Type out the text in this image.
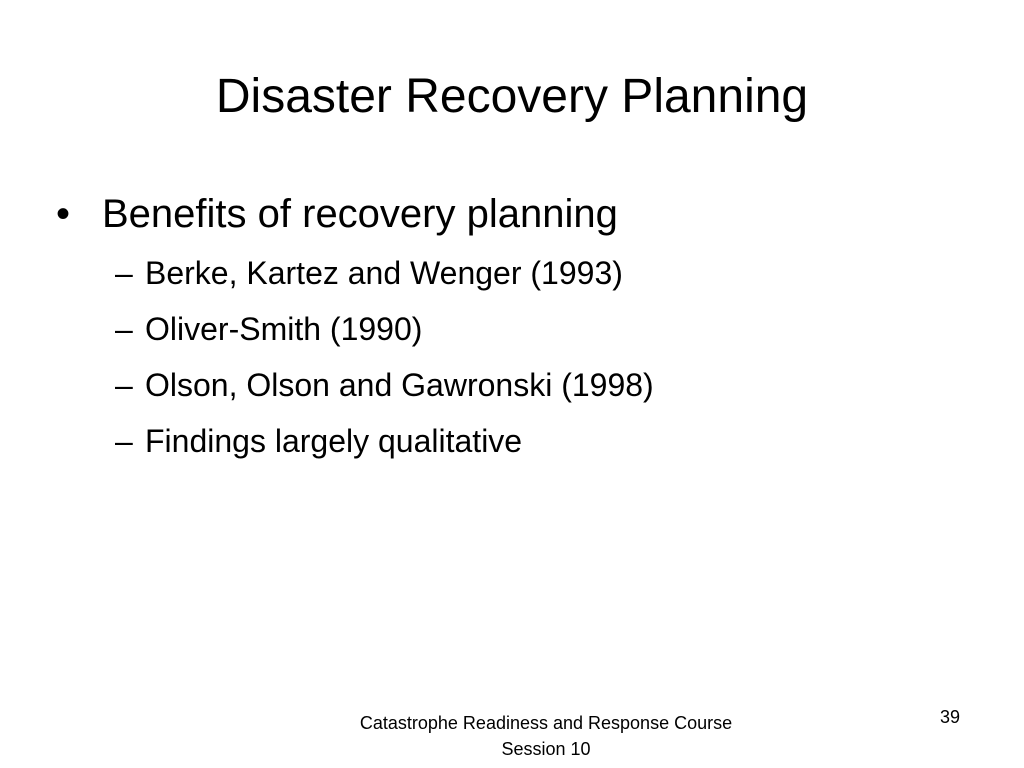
Disaster Recovery Planning
• Benefits of recovery planning
– Berke, Kartez and Wenger (1993)
– Oliver-Smith (1990)
– Olson, Olson and Gawronski (1998)
– Findings largely qualitative
Catastrophe Readiness and Response Course
Session 10
39
